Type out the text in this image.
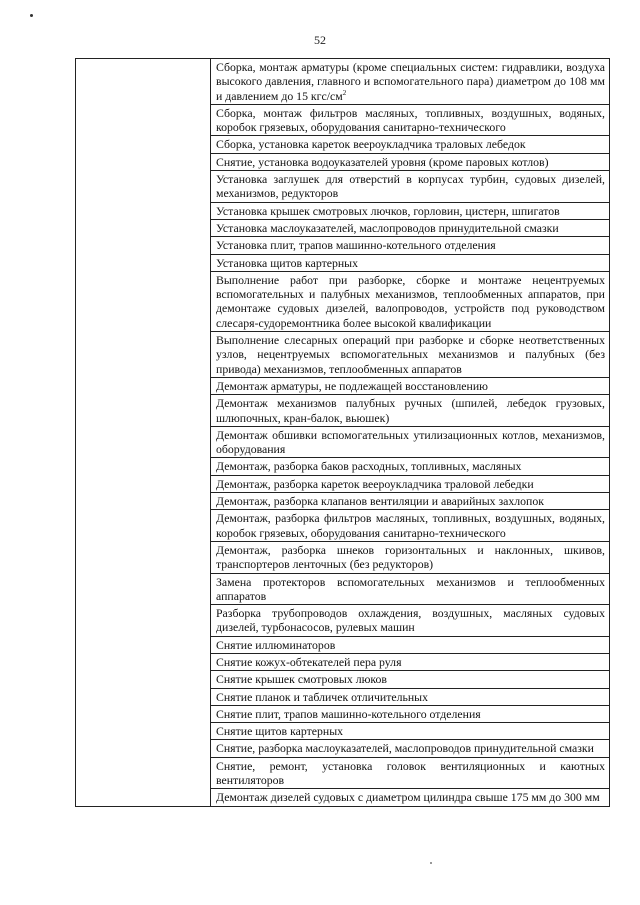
52

Сборка, монтаж арматуры (кроме специальных систем: гидравлики, воздуха высокого давления, главного и вспомогательного пара) диаметром до 108 мм и давлением до 15 кгс/$см^2$
Сборка, монтаж фильтров масляных, топливных, воздушных, водяных, коробок грязевых, оборудования санитарно-технического
Сборка, установка кареток веероукладчика траловых лебедок
Снятие, установка водоуказателей уровня (кроме паровых котлов)
Установка заглушек для отверстий в корпусах турбин, судовых дизелей, механизмов, редукторов
Установка крышек смотровых лючков, горловин, цистерн, шпигатов
Установка маслоуказателей, маслопроводов принудительной смазки
Установка плит, трапов машинно-котельного отделения
Установка щитов картерных
Выполнение работ при разборке, сборке и монтаже нецентруемых вспомогательных и палубных механизмов, теплообменных аппаратов, при демонтаже судовых дизелей, валопроводов, устройств под руководством слесаря-судоремонтника более высокой квалификации
Выполнение слесарных операций при разборке и сборке неответственных узлов, нецентруемых вспомогательных механизмов и палубных (без привода) механизмов, теплообменных аппаратов
Демонтаж арматуры, не подлежащей восстановлению
Демонтаж механизмов палубных ручных (шпилей, лебедок грузовых, шлюпочных, кран-балок, вьюшек)
Демонтаж обшивки вспомогательных утилизационных котлов, механизмов, оборудования
Демонтаж, разборка баков расходных, топливных, масляных
Демонтаж, разборка кареток веероукладчика траловой лебедки
Демонтаж, разборка клапанов вентиляции и аварийных захлопок
Демонтаж, разборка фильтров масляных, топливных, воздушных, водяных, коробок грязевых, оборудования санитарно-технического
Демонтаж, разборка шнеков горизонтальных и наклонных, шкивов, транспортеров ленточных (без редукторов)
Замена протекторов вспомогательных механизмов и теплообменных аппаратов
Разборка трубопроводов охлаждения, воздушных, масляных судовых дизелей, турбонасосов, рулевых машин
Снятие иллюминаторов
Снятие кожух-обтекателей пера руля
Снятие крышек смотровых люков
Снятие планок и табличек отличительных
Снятие плит, трапов машинно-котельного отделения
Снятие щитов картерных
Снятие, разборка маслоуказателей, маслопроводов принудительной смазки
Снятие, ремонт, установка головок вентиляционных и каютных вентиляторов
Демонтаж дизелей судовых с диаметром цилиндра свыше 175 мм до 300 мм
